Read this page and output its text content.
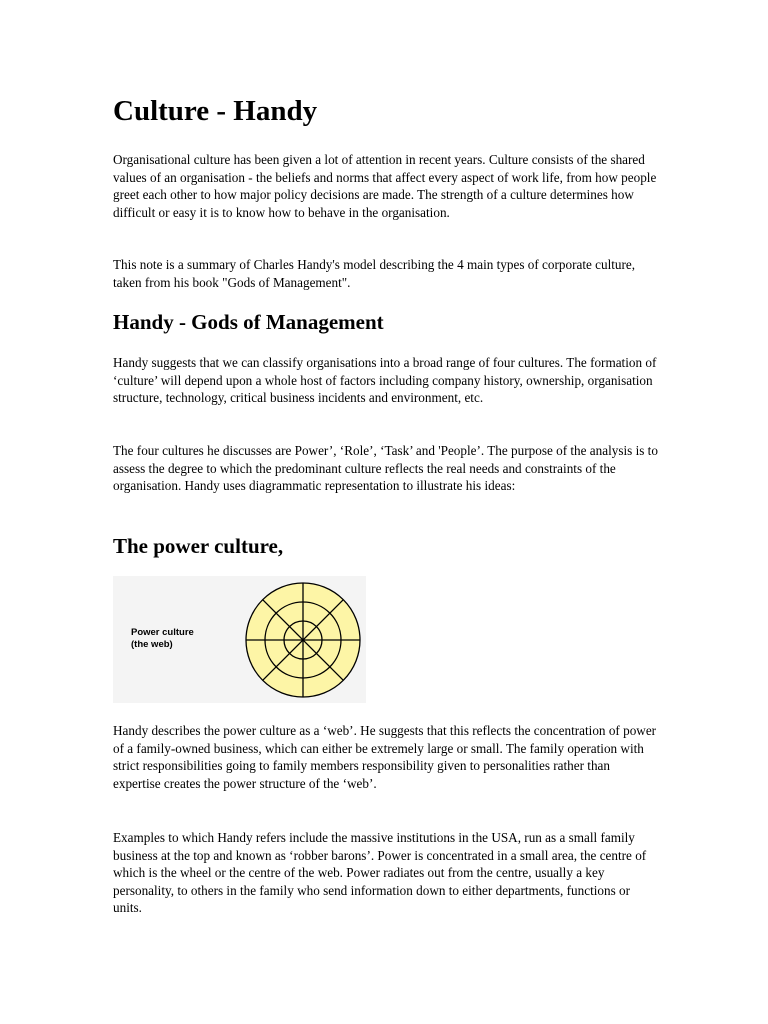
Culture - Handy

Organisational culture has been given a lot of attention in recent years. Culture consists of the shared values of an organisation - the beliefs and norms that affect every aspect of work life, from how people greet each other to how major policy decisions are made. The strength of a culture determines how difficult or easy it is to know how to behave in the organisation.

This note is a summary of Charles Handy's model describing the 4 main types of corporate culture, taken from his book "Gods of Management".

Handy - Gods of Management

Handy suggests that we can classify organisations into a broad range of four cultures. The formation of ‘culture’ will depend upon a whole host of factors including company history, ownership, organisation structure, technology, critical business incidents and environment, etc.

The four cultures he discusses are Power’, ‘Role’, ‘Task’ and 'People’. The purpose of the analysis is to assess the degree to which the predominant culture reflects the real needs and constraints of the organisation. Handy uses diagrammatic representation to illustrate his ideas:

The power culture,
Power culture
(the web)

Handy describes the power culture as a ‘web’. He suggests that this reflects the concentration of power of a family-owned business, which can either be extremely large or small. The family operation with strict responsibilities going to family members responsibility given to personalities rather than expertise creates the power structure of the ‘web’.

Examples to which Handy refers include the massive institutions in the USA, run as a small family business at the top and known as ‘robber barons’. Power is concentrated in a small area, the centre of which is the wheel or the centre of the web. Power radiates out from the centre, usually a key personality, to others in the family who send information down to either departments, functions or units.
